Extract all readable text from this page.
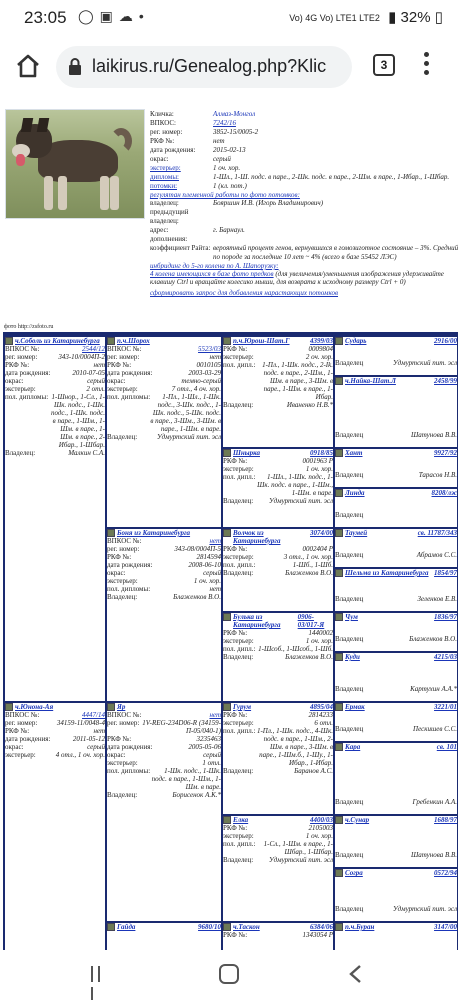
23:05 ◯▣☁•	Vo) 4G Vo) LTE1 LTE2 ▮ 32% ▯
laikirus.ru/Genealog.php?Klic	3
Кличка:	Алмаз-Монгол
ВПКОС:	7242/16
рег. номер:	3852-15/0005-2
РКФ №:	нет
дата рождения:	2015-02-13
окрас:	серый
экстерьер:	1 оч. хор.
дипломы:	1-Шл., 1-Ш. подс. в паре., 2-Шк. подс. в паре., 2-Шм. в паре., 1-Ибар., 1-Шбар.
потомки:	1 (кл. пот.)
регулятан племенной работы по фото потомков:
владелец:	Бояршин И.В. (Игорь Владимирович)
предыдущий владелец:
адрес:	г. Барнаул.
дополнения:
коэффициент Райта: вероятный процент генов, вернувшихся в гомозиготное состояние – 3%. Средний по породе за последние 10 лет ~ 4% (всего в базе 55452 ЛЭС)
инбридинг до 5-го колена по А. Шапорузку:
4 колена имеющихся в базе фото предков (для увеличения/уменьшения изображения удерживайте клавишу Ctrl и вращайте колесико мыши, для возврата к исходному размеру Ctrl + 0)
сформировать запрос для добавления нарастающих потомков
фото http://zsfoto.ru
ч.Соболь из Катаринебурга
ВПКОС №:	2544/12
рег. номер:	343-10/0004П-2
РКФ №:	нет
дата рождения:	2010-07-05
окрас:	серый
экстерьер:	2 отл.
пол. дипломы: 1-Шнор., 1-Сл., 1-Шк. подс., 1-Шк. подс., 1-Шк. подс. в паре., 1-Шм., 1-Шм. в паре., 1-Шм. в паре., 2-Ибар., 1-Шбар.
Владелец:	Малкин С.А.
ч.Юнона-Ая
ВПКОС №:	4447/14
рег. номер:	34159-11/0048-4
РКФ №:	нет
дата рождения:	2011-05-12
окрас:	серый
экстерьер:	4 отл., 1 оч. хор.
п.ч.Шорох
ВПКОС №:	5523/03
рег. номер:	нет
РКФ №:	0010105
дата рождения:	2003-03-29
окрас:	темно-серый
экстерьер:	7 отл., 4 оч. хор.
пол. дипломы:	1-Пл., 1-Шл., 1-Шк. подс., 3-Шк. подс., 1-Шк. подс., 5-Шк. подс. в паре., 3-Шм., 3-Шм. в паре., 1-Шм. в паре.
Владелец:	Удмуртский пит. эсл
Боня из Катаринебурга
ВПКОС №:	нет
рег. номер:	343-08/0004П-5
РКФ №:	2814594
дата рождения:	2008-06-10
окрас:	серый
экстерьер:	1 оч. хор.
пол. дипломы:	нет
Владелец:	Блаженков В.О.
Яр
ВПКОС №:	нет
рег. номер: 1V-REG-234D06-R (34159-П-05/040-1)
РКФ №:	3235463
дата рождения:	2005-05-06
окрас:	серый
экстерьер:	1 отл.
пол. дипломы:	1-Шк. подс., 1-Шк. подс. в паре., 1-Шм., 1-Шм. в паре.
Владелец:	Борисенок А.К.*
Гайда	9680/10
п.ч.Юрош-Шат.Г	4399/03
РКФ №:	0009804
экстерьер:	2 оч. хор.
пол. дипл.: 1-Пл., 1-Шк. подс., 2-Ik. подс. в паре., 2-Шм., 1-Шм. в паре., 3-Шм. в паре., 1-Шм. в паре., 1-Ибар.
Владелец:	Иваненко Н.В.*
Шнырка	0918/85
РКФ №:	0001963 Р
экстерьер:	1 оч. хор.
пол. дипл.:	1-Шл., 1-Шк. подс., 1-Шк. подс. в паре., 1-Шм., 1-Шм. в паре.
Владелец: Удмуртский пит. эсл
Волчок из Катаринебурга
3074/00
РКФ №:	0002404 Р
экстерьер:	3 отл., 1 оч. хор.
пол. дипл.:	1-Шб., 1-Шб.
Владелец:	Блаженков В.О.
Булька из Катаринебурга
0906-03/017-Я
РКФ №:	1440002
экстерьер:	1 оч. хор.
пол. дипл.: 1-Шсоб., 1-Шсоб., 1-Шб.
Владелец:	Блаженков В.О.
Гурум	4895/04
РКФ №:	2814233
экстерьер:	6 отл.
пол. дипл.: 1-Пл., 1-Шк. подс., 4-Шк. подс. в паре., 1-Шм., 2-Шм. в паре., 3-Шм. в паре., 1-Шм.б., 1-Шу., 1-Ибар., 1-Ибар.
Владелец:	Баранов А.С.
Елка	4400/03
РКФ №:	2105003
экстерьер:	1 оч. хор.
пол. дипл.:	1-Сл., 1-Шм. в паре., 1-Шбар., 1-Шбар.
Владелец: Удмуртский пит. эсл
ч.Таскон	6384/06
РКФ №:	1343054 Р
п.ч.Буран	3147/00
Сударь	2916/00
Владелец	Удмуртский пит. эсл
ч.Найка-Шат.Л	2458/99
Владелец	Шатунова В.В.
Хант	9927/92
Владелец	Тарасов Н.В.
Линда	8208/лэс
Владелец
Таумей	св. 11787/343
Владелец	Абрамов С.С.
Шельма из Катаринебурга 1854/97
Владелец	Зеленков Е.В.
Чум	1836/97
Владелец	Блаженков В.О.
Куди	4215/03
Владелец	Картухин А.А.*
Ермак	3221/01
Владелец	Пескишев С.С.
Кара	св. 101
Владелец	Гребенкин А.А.
ч.Сунар	1688/97
Владелец	Шатунова В.В.
Согра	0572/94
Владелец	Удмуртский пит. эсл
